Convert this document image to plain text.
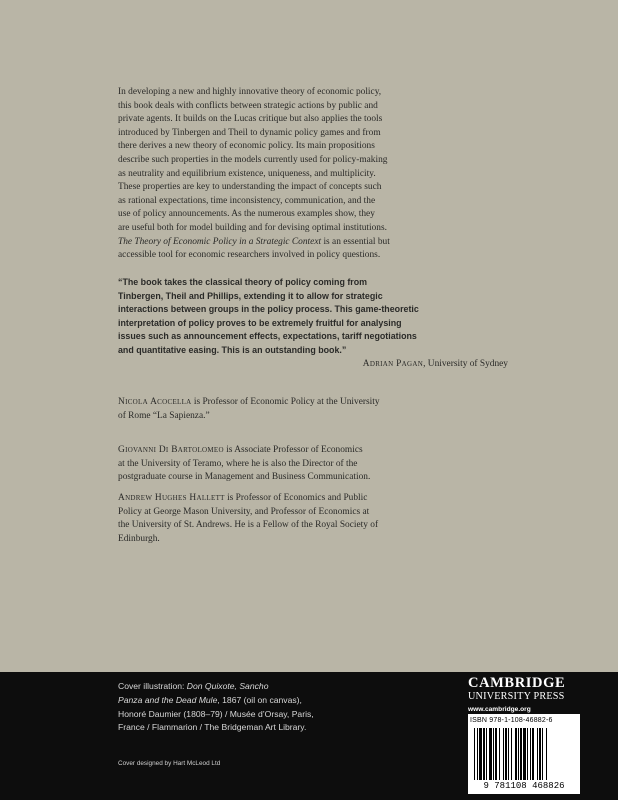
In developing a new and highly innovative theory of economic policy,

this book deals with conflicts between strategic actions by public and

private agents. It builds on the Lucas critique but also applies the tools

introduced by Tinbergen and Theil to dynamic policy games and from

there derives a new theory of economic policy. Its main propositions

describe such properties in the models currently used for policy-making

as neutrality and equilibrium existence, uniqueness, and multiplicity.

These properties are key to understanding the impact of concepts such

as rational expectations, time inconsistency, communication, and the

use of policy announcements. As the numerous examples show, they

are useful both for model building and for devising optimal institutions.

The Theory of Economic Policy in a Strategic Context is an essential but

accessible tool for economic researchers involved in policy questions.

“The book takes the classical theory of policy coming from

Tinbergen, Theil and Phillips, extending it to allow for strategic

interactions between groups in the policy process. This game-theoretic

interpretation of policy proves to be extremely fruitful for analysing

issues such as announcement effects, expectations, tariff negotiations

and quantitative easing. This is an outstanding book.”

Adrian Pagan, University of Sydney

Nicola Acocella is Professor of Economic Policy at the University

of Rome “La Sapienza.”

Giovanni Di Bartolomeo is Associate Professor of Economics

at the University of Teramo, where he is also the Director of the

postgraduate course in Management and Business Communication.

Andrew Hughes Hallett is Professor of Economics and Public

Policy at George Mason University, and Professor of Economics at

the University of St. Andrews. He is a Fellow of the Royal Society of

Edinburgh.

Cover illustration: Don Quixote, Sancho
Panza and the Dead Mule, 1867 (oil on canvas),
Honoré Daumier (1808–79) / Musée d’Orsay, Paris,
France / Flammarion / The Bridgeman Art Library.
Cover designed by Hart McLeod Ltd
CAMBRIDGE
UNIVERSITY PRESS
www.cambridge.org
ISBN 978-1-108-46882-6
9 781108 468826
